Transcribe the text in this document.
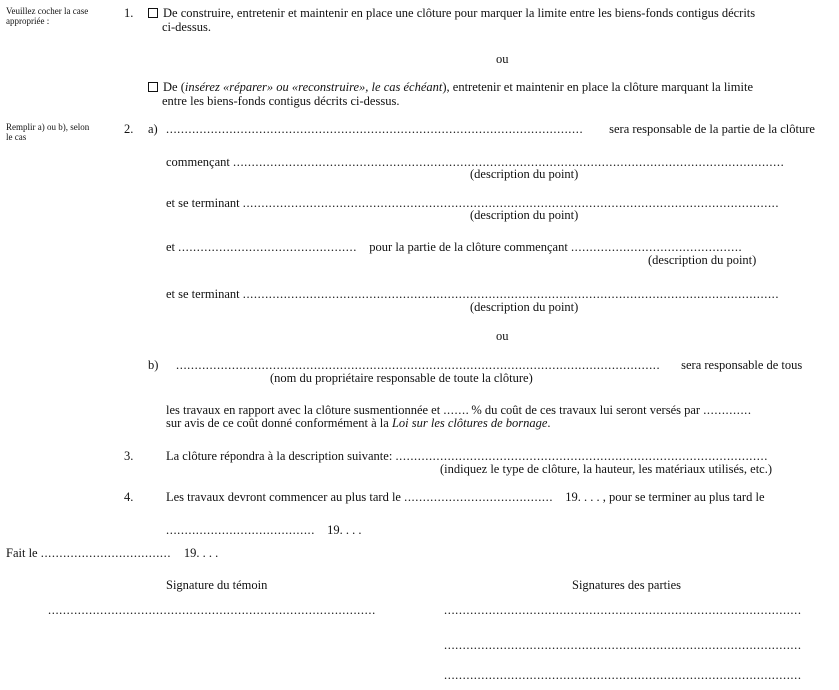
Veuillez cocher la case appropriée :
Remplir a) ou b), selon le cas
1.	De construire, entretenir et maintenir en place une clôture pour marquer la limite entre les biens-fonds contigus décrits
ci-dessus.
ou
De (insérez «réparer» ou «reconstruire», le cas échéant), entretenir et maintenir en place la clôture marquant la limite
entre les biens-fonds contigus décrits ci-dessus.
2.	a) ................................................................................................................ sera responsable de la partie de la clôture
commençant ....................................................................................................................................................
(description du point)
et se terminant ................................................................................................................................................
(description du point)
et ................................................ pour la partie de la clôture commençant ..............................................
(description du point)
et se terminant ................................................................................................................................................
(description du point)
ou
b) .................................................................................................................................. sera responsable de tous
(nom du propriétaire responsable de toute la clôture)
les travaux en rapport avec la clôture susmentionnée et ....... % du coût de ces travaux lui seront versés par .............
sur avis de ce coût donné conformément à la Loi sur les clôtures de bornage.
3.	La clôture répondra à la description suivante: ....................................................................................................
(indiquez le type de clôture, la hauteur, les matériaux utilisés, etc.)
4.	Les travaux devront commencer au plus tard le ........................................ 19. . . . , pour se terminer au plus tard le
........................................ 19. . . .
Fait le ................................... 19. . . .
Signature du témoin	Signatures des parties
........................................................................................	................................................................................................
................................................................................................
................................................................................................
